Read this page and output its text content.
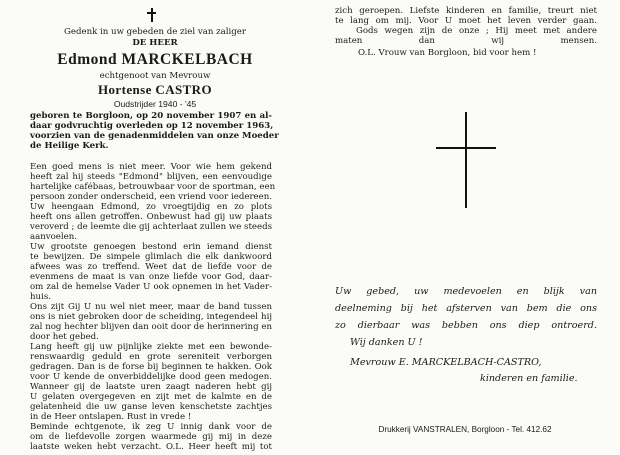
Gedenk in uw gebeden de ziel van zaliger
DE HEER
Edmond MARCKELBACH
echtgenoot van Mevrouw
Hortense CASTRO
Oudstrijder 1940 - '45
geboren te Borgloon, op 20 november 1907 en al-
daar godvruchtig overleden op 12 november 1963,
voorzien van de genadenmiddelen van onze Moeder
de Heilige Kerk.
Een goed mens is niet meer. Voor wie hem gekend
heeft zal hij steeds "Edmond" blijven, een eenvoudige
hartelijke cafébaas, betrouwbaar voor de sportman, een
persoon zonder onderscheid, een vriend voor iedereen.
Uw heengaan Edmond, zo vroegtijdig en zo plots
heeft ons allen getroffen. Onbewust had gij uw plaats
veroverd ; de leemte die gij achterlaat zullen we steeds
aanvoelen.
Uw grootste genoegen bestond erin iemand dienst
te bewijzen. De simpele glimlach die elk dankwoord
afwees was zo treffend. Weet dat de liefde voor de
evenmens de maat is van onze liefde voor God, daar-
om zal de hemelse Vader U ook opnemen in het Vader-
huis.
Ons zijt Gij U nu wel niet meer, maar de band tussen
ons is niet gebroken door de scheiding, integendeel hij
zal nog hechter blijven dan ooit door de herinnering en
door het gebed.
Lang heeft gij uw pijnlijke ziekte met een bewonde-
renswaardig geduld en grote sereniteit verborgen
gedragen. Dan is de forse bij beginnen te hakken. Ook
voor U kende de onverbiddelijke dood geen medogen.
Wanneer gij de laatste uren zaagt naderen hebt gij
U gelaten overgegeven en zijt met de kalmte en de
gelatenheid die uw ganse leven kenschetste zachtjes
in de Heer ontslapen. Rust in vrede !
Beminde echtgenote, ik zeg U innig dank voor de
om de liefdevolle zorgen waarmede gij mij in deze
laatste weken hebt verzacht. O.L. Heer heeft mij tot
zich geroepen. Liefste kinderen en familie, treurt niet
te lang om mij. Voor U moet het leven verder gaan.
Gods wegen zijn de onze ; Hij meet met andere
maten dan wij mensen.
O.L. Vrouw van Borgloon, bid voor hem !
Uw gebed, uw medevoelen en blijk van
deelneming bij het afsterven van bem die ons
zo dierbaar was bebben ons diep ontroerd.
Wij danken U !
Mevrouw E. MARCKELBACH-CASTRO,
kinderen en familie.
Drukkerij VANSTRALEN, Borgloon - Tel. 412.62
